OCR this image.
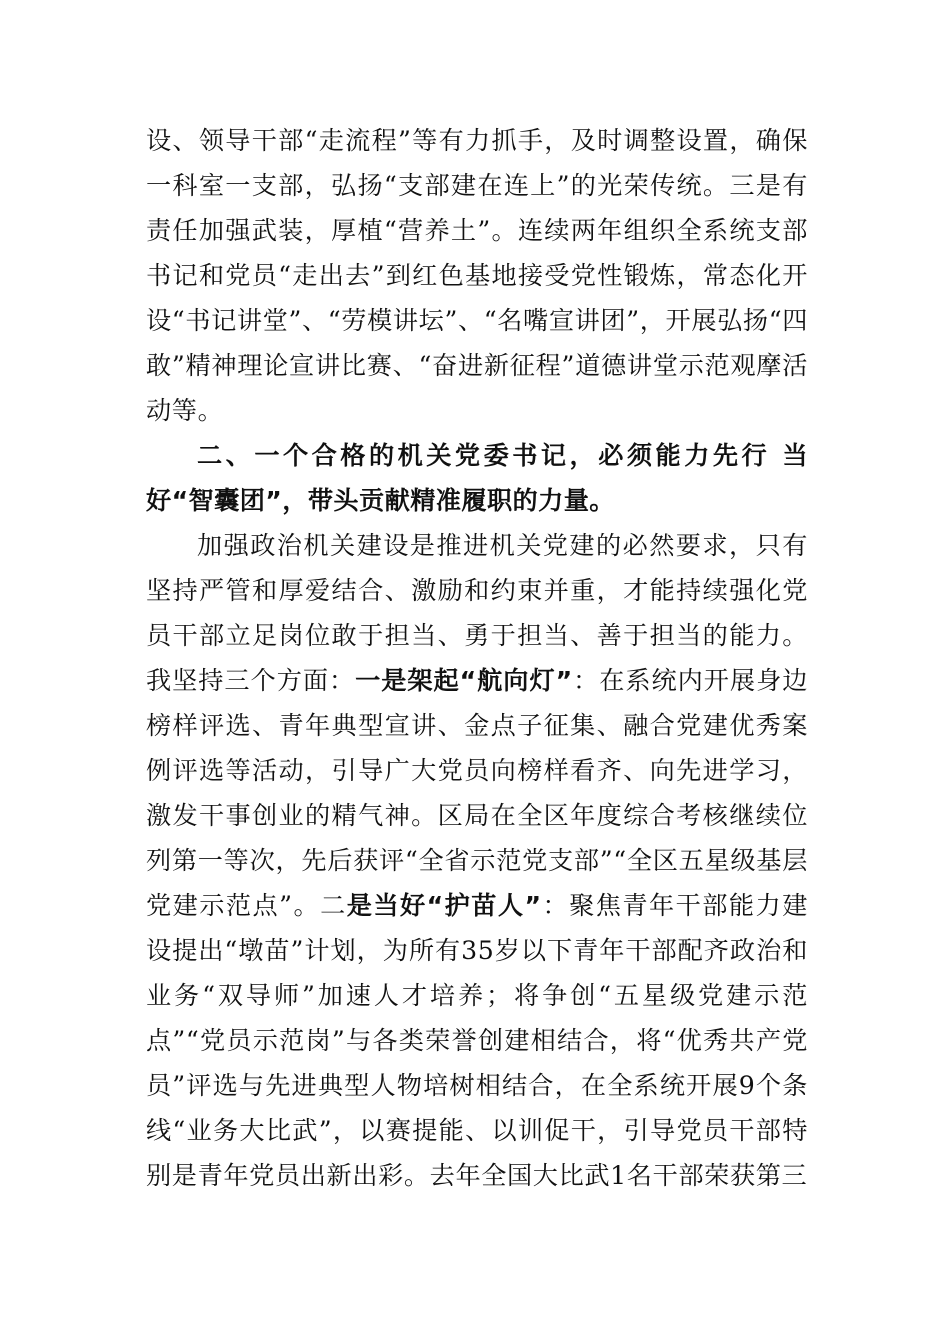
设、领导干部“走流程”等有力抓手，及时调整设置，确保一科室一支部，弘扬“支部建在连上”的光荣传统。三是有责任加强武装，厚植“营养土”。连续两年组织全系统支部书记和党员“走出去”到红色基地接受党性锻炼，常态化开设“书记讲堂”、“劳模讲坛”、“名嘴宣讲团”，开展弘扬“四敢”精神理论宣讲比赛、“奋进新征程”道德讲堂示范观摩活动等。

二、一个合格的机关党委书记，必须能力先行 当好“智囊团”，带头贡献精准履职的力量。

加强政治机关建设是推进机关党建的必然要求，只有坚持严管和厚爱结合、激励和约束并重，才能持续强化党员干部立足岗位敢于担当、勇于担当、善于担当的能力。我坚持三个方面：一是架起“航向灯”：在系统内开展身边榜样评选、青年典型宣讲、金点子征集、融合党建优秀案例评选等活动，引导广大党员向榜样看齐、向先进学习，激发干事创业的精气神。区局在全区年度综合考核继续位列第一等次，先后获评“全省示范党支部”“全区五星级基层党建示范点”。二是当好“护苗人”：聚焦青年干部能力建设提出“墩苗”计划，为所有35岁以下青年干部配齐政治和业务“双导师”加速人才培养；将争创“五星级党建示范点”“党员示范岗”与各类荣誉创建相结合，将“优秀共产党员”评选与先进典型人物培树相结合，在全系统开展9个条线“业务大比武”，以赛提能、以训促干，引导党员干部特别是青年党员出新出彩。去年全国大比武1名干部荣获第三
